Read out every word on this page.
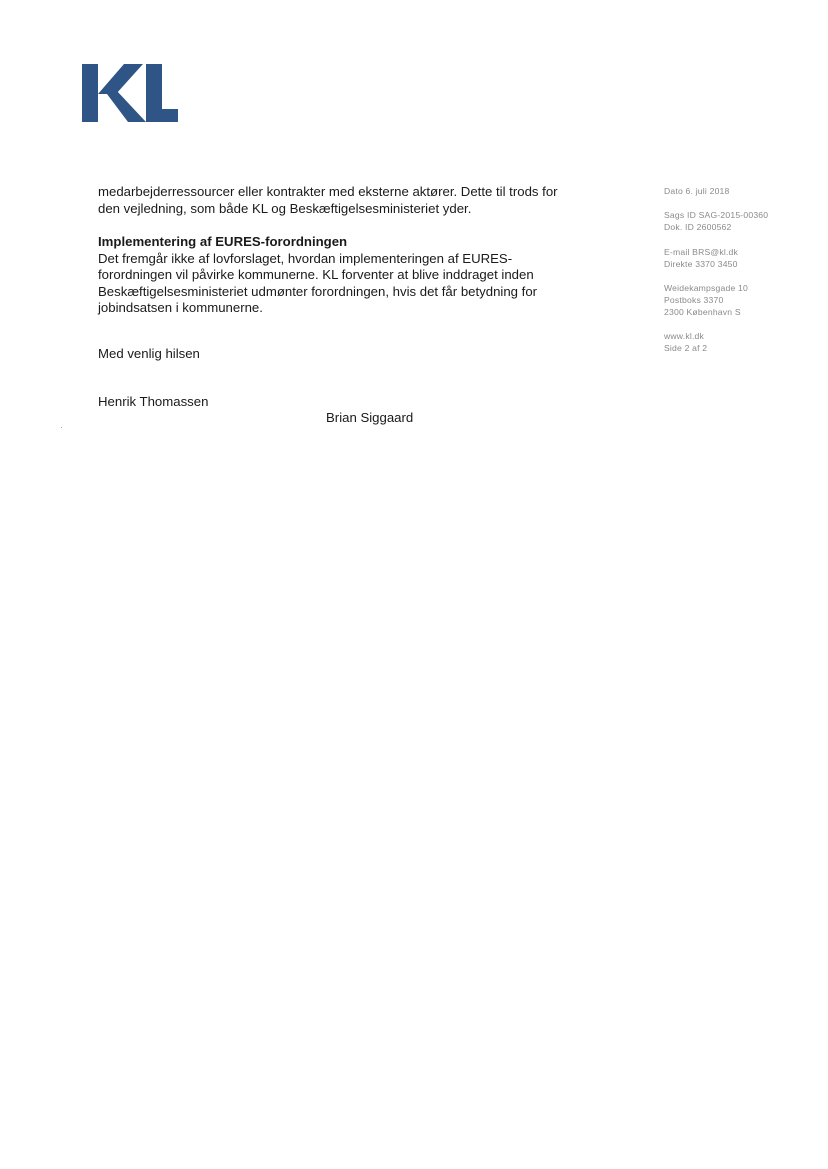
medarbejderressourcer eller kontrakter med eksterne aktører. Dette til trods for den vejledning, som både KL og Beskæftigelsesministeriet yder.

Implementering af EURES-forordningen

Det fremgår ikke af lovforslaget, hvordan implementeringen af EURES-forordningen vil påvirke kommunerne. KL forventer at blive inddraget inden Beskæftigelsesministeriet udmønter forordningen, hvis det får betydning for jobindsatsen i kommunerne.

Med venlig hilsen
Henrik Thomassen
Brian Siggaard
Dato 6. juli 2018
Sags ID SAG-2015-00360
Dok. ID 2600562
E-mail BRS@kl.dk
Direkte 3370 3450
Weidekampsgade 10
Postboks 3370
2300 København S
www.kl.dk
Side 2 af 2
